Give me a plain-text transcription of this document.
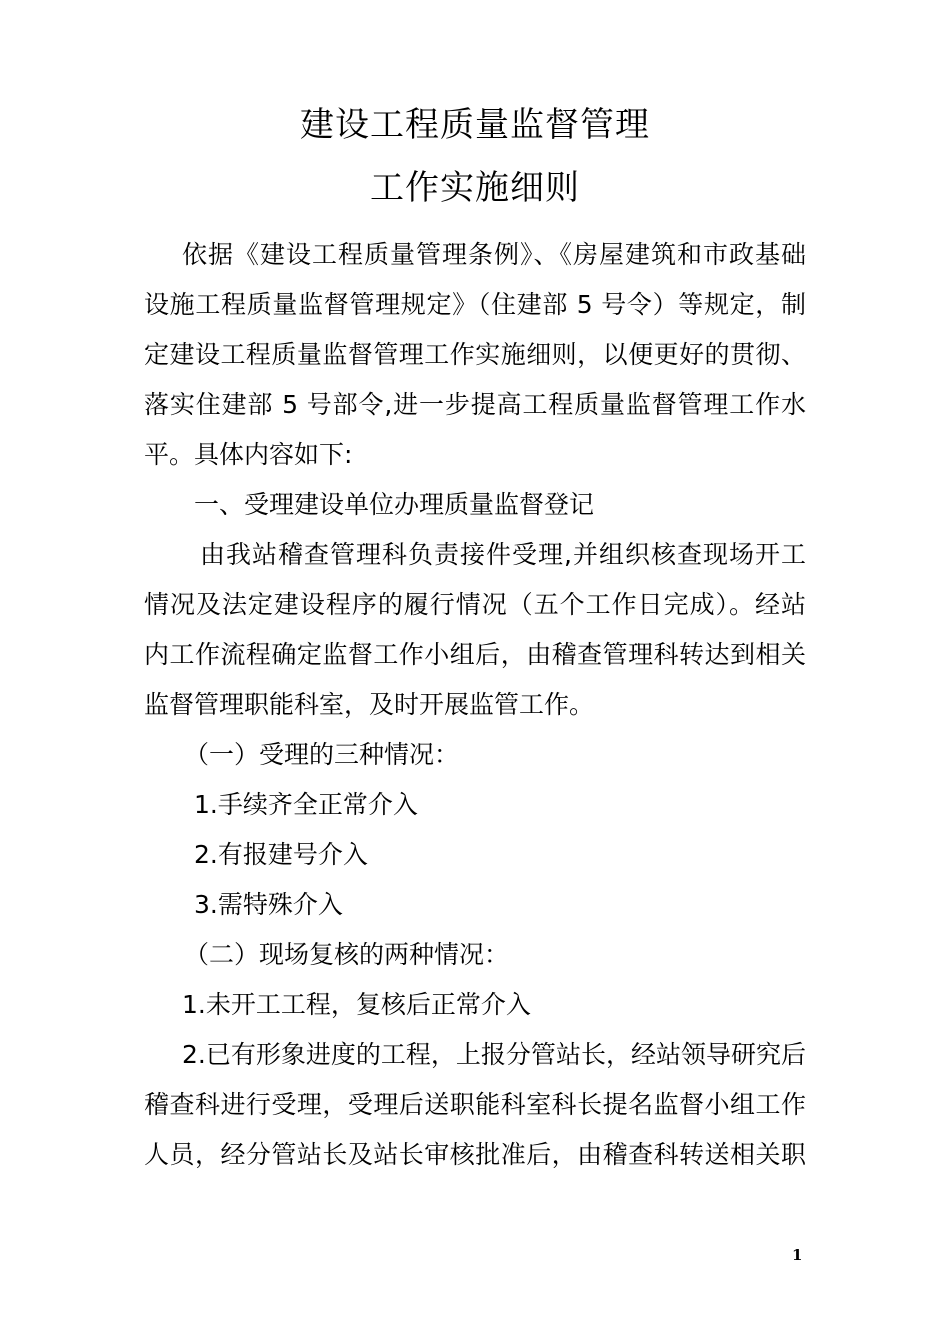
建设工程质量监督管理
工作实施细则
依据《建设工程质量管理条例》、《房屋建筑和市政基础
设施工程质量监督管理规定》（住建部 5 号令）等规定，制
定建设工程质量监督管理工作实施细则，以便更好的贯彻、
落实住建部 5 号部令,进一步提高工程质量监督管理工作水
平。具体内容如下:
一、受理建设单位办理质量监督登记
由我站稽查管理科负责接件受理,并组织核查现场开工
情况及法定建设程序的履行情况（五个工作日完成）。经站
内工作流程确定监督工作小组后，由稽查管理科转达到相关
监督管理职能科室，及时开展监管工作。
（一）受理的三种情况：
1.手续齐全正常介入
2.有报建号介入
3.需特殊介入
（二）现场复核的两种情况：
1.未开工工程，复核后正常介入
2.已有形象进度的工程，上报分管站长，经站领导研究后
稽查科进行受理，受理后送职能科室科长提名监督小组工作
人员，经分管站长及站长审核批准后，由稽查科转送相关职
1
